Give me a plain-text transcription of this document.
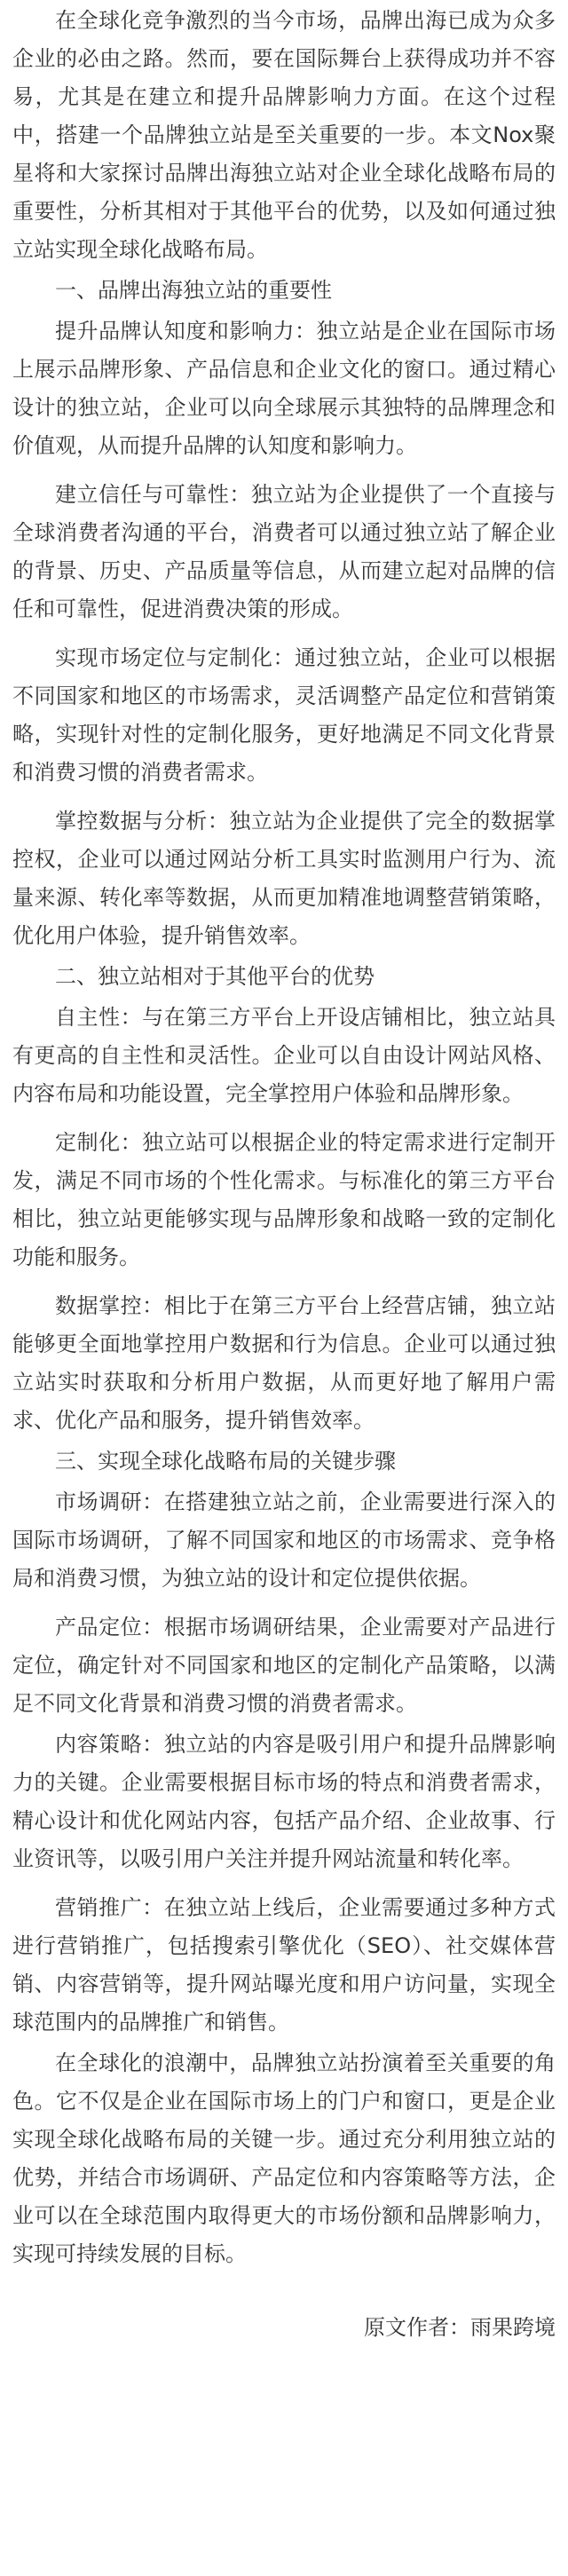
在全球化竞争激烈的当今市场，品牌出海已成为众多企业的必由之路。然而，要在国际舞台上获得成功并不容易，尤其是在建立和提升品牌影响力方面。在这个过程中，搭建一个品牌独立站是至关重要的一步。本文Nox聚星将和大家探讨品牌出海独立站对企业全球化战略布局的重要性，分析其相对于其他平台的优势，以及如何通过独立站实现全球化战略布局。

一、品牌出海独立站的重要性

提升品牌认知度和影响力：独立站是企业在国际市场上展示品牌形象、产品信息和企业文化的窗口。通过精心设计的独立站，企业可以向全球展示其独特的品牌理念和价值观，从而提升品牌的认知度和影响力。

建立信任与可靠性：独立站为企业提供了一个直接与全球消费者沟通的平台，消费者可以通过独立站了解企业的背景、历史、产品质量等信息，从而建立起对品牌的信任和可靠性，促进消费决策的形成。

实现市场定位与定制化：通过独立站，企业可以根据不同国家和地区的市场需求，灵活调整产品定位和营销策略，实现针对性的定制化服务，更好地满足不同文化背景和消费习惯的消费者需求。

掌控数据与分析：独立站为企业提供了完全的数据掌控权，企业可以通过网站分析工具实时监测用户行为、流量来源、转化率等数据，从而更加精准地调整营销策略，优化用户体验，提升销售效率。

二、独立站相对于其他平台的优势

自主性：与在第三方平台上开设店铺相比，独立站具有更高的自主性和灵活性。企业可以自由设计网站风格、内容布局和功能设置，完全掌控用户体验和品牌形象。

定制化：独立站可以根据企业的特定需求进行定制开发，满足不同市场的个性化需求。与标准化的第三方平台相比，独立站更能够实现与品牌形象和战略一致的定制化功能和服务。

数据掌控：相比于在第三方平台上经营店铺，独立站能够更全面地掌控用户数据和行为信息。企业可以通过独立站实时获取和分析用户数据，从而更好地了解用户需求、优化产品和服务，提升销售效率。

三、实现全球化战略布局的关键步骤

市场调研：在搭建独立站之前，企业需要进行深入的国际市场调研，了解不同国家和地区的市场需求、竞争格局和消费习惯，为独立站的设计和定位提供依据。

产品定位：根据市场调研结果，企业需要对产品进行定位，确定针对不同国家和地区的定制化产品策略，以满足不同文化背景和消费习惯的消费者需求。

内容策略：独立站的内容是吸引用户和提升品牌影响力的关键。企业需要根据目标市场的特点和消费者需求，精心设计和优化网站内容，包括产品介绍、企业故事、行业资讯等，以吸引用户关注并提升网站流量和转化率。

营销推广：在独立站上线后，企业需要通过多种方式进行营销推广，包括搜索引擎优化（SEO）、社交媒体营销、内容营销等，提升网站曝光度和用户访问量，实现全球范围内的品牌推广和销售。

在全球化的浪潮中，品牌独立站扮演着至关重要的角色。它不仅是企业在国际市场上的门户和窗口，更是企业实现全球化战略布局的关键一步。通过充分利用独立站的优势，并结合市场调研、产品定位和内容策略等方法，企业可以在全球范围内取得更大的市场份额和品牌影响力，实现可持续发展的目标。

原文作者：雨果跨境
